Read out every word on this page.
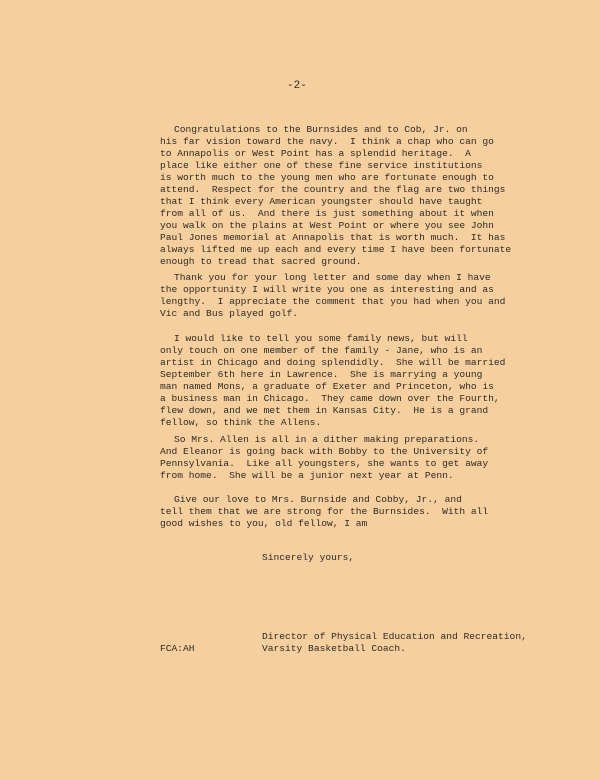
-2-
Congratulations to the Burnsides and to Cob, Jr. on
his far vision toward the navy.  I think a chap who can go
to Annapolis or West Point has a splendid heritage.  A
place like either one of these fine service institutions
is worth much to the young men who are fortunate enough to
attend.  Respect for the country and the flag are two things
that I think every American youngster should have taught
from all of us.  And there is just something about it when
you walk on the plains at West Point or where you see John
Paul Jones memorial at Annapolis that is worth much.  It has
always lifted me up each and every time I have been fortunate
enough to tread that sacred ground.
Thank you for your long letter and some day when I have
the opportunity I will write you one as interesting and as
lengthy.  I appreciate the comment that you had when you and
Vic and Bus played golf.
I would like to tell you some family news, but will
only touch on one member of the family - Jane, who is an
artist in Chicago and doing splendidly.  She will be married
September 6th here in Lawrence.  She is marrying a young
man named Mons, a graduate of Exeter and Princeton, who is
a business man in Chicago.  They came down over the Fourth,
flew down, and we met them in Kansas City.  He is a grand
fellow, so think the Allens.
So Mrs. Allen is all in a dither making preparations.
And Eleanor is going back with Bobby to the University of
Pennsylvania.  Like all youngsters, she wants to get away
from home.  She will be a junior next year at Penn.
Give our love to Mrs. Burnside and Cobby, Jr., and
tell them that we are strong for the Burnsides.  With all
good wishes to you, old fellow, I am
Sincerely yours,
FCA:AH
Director of Physical Education and Recreation,
Varsity Basketball Coach.
